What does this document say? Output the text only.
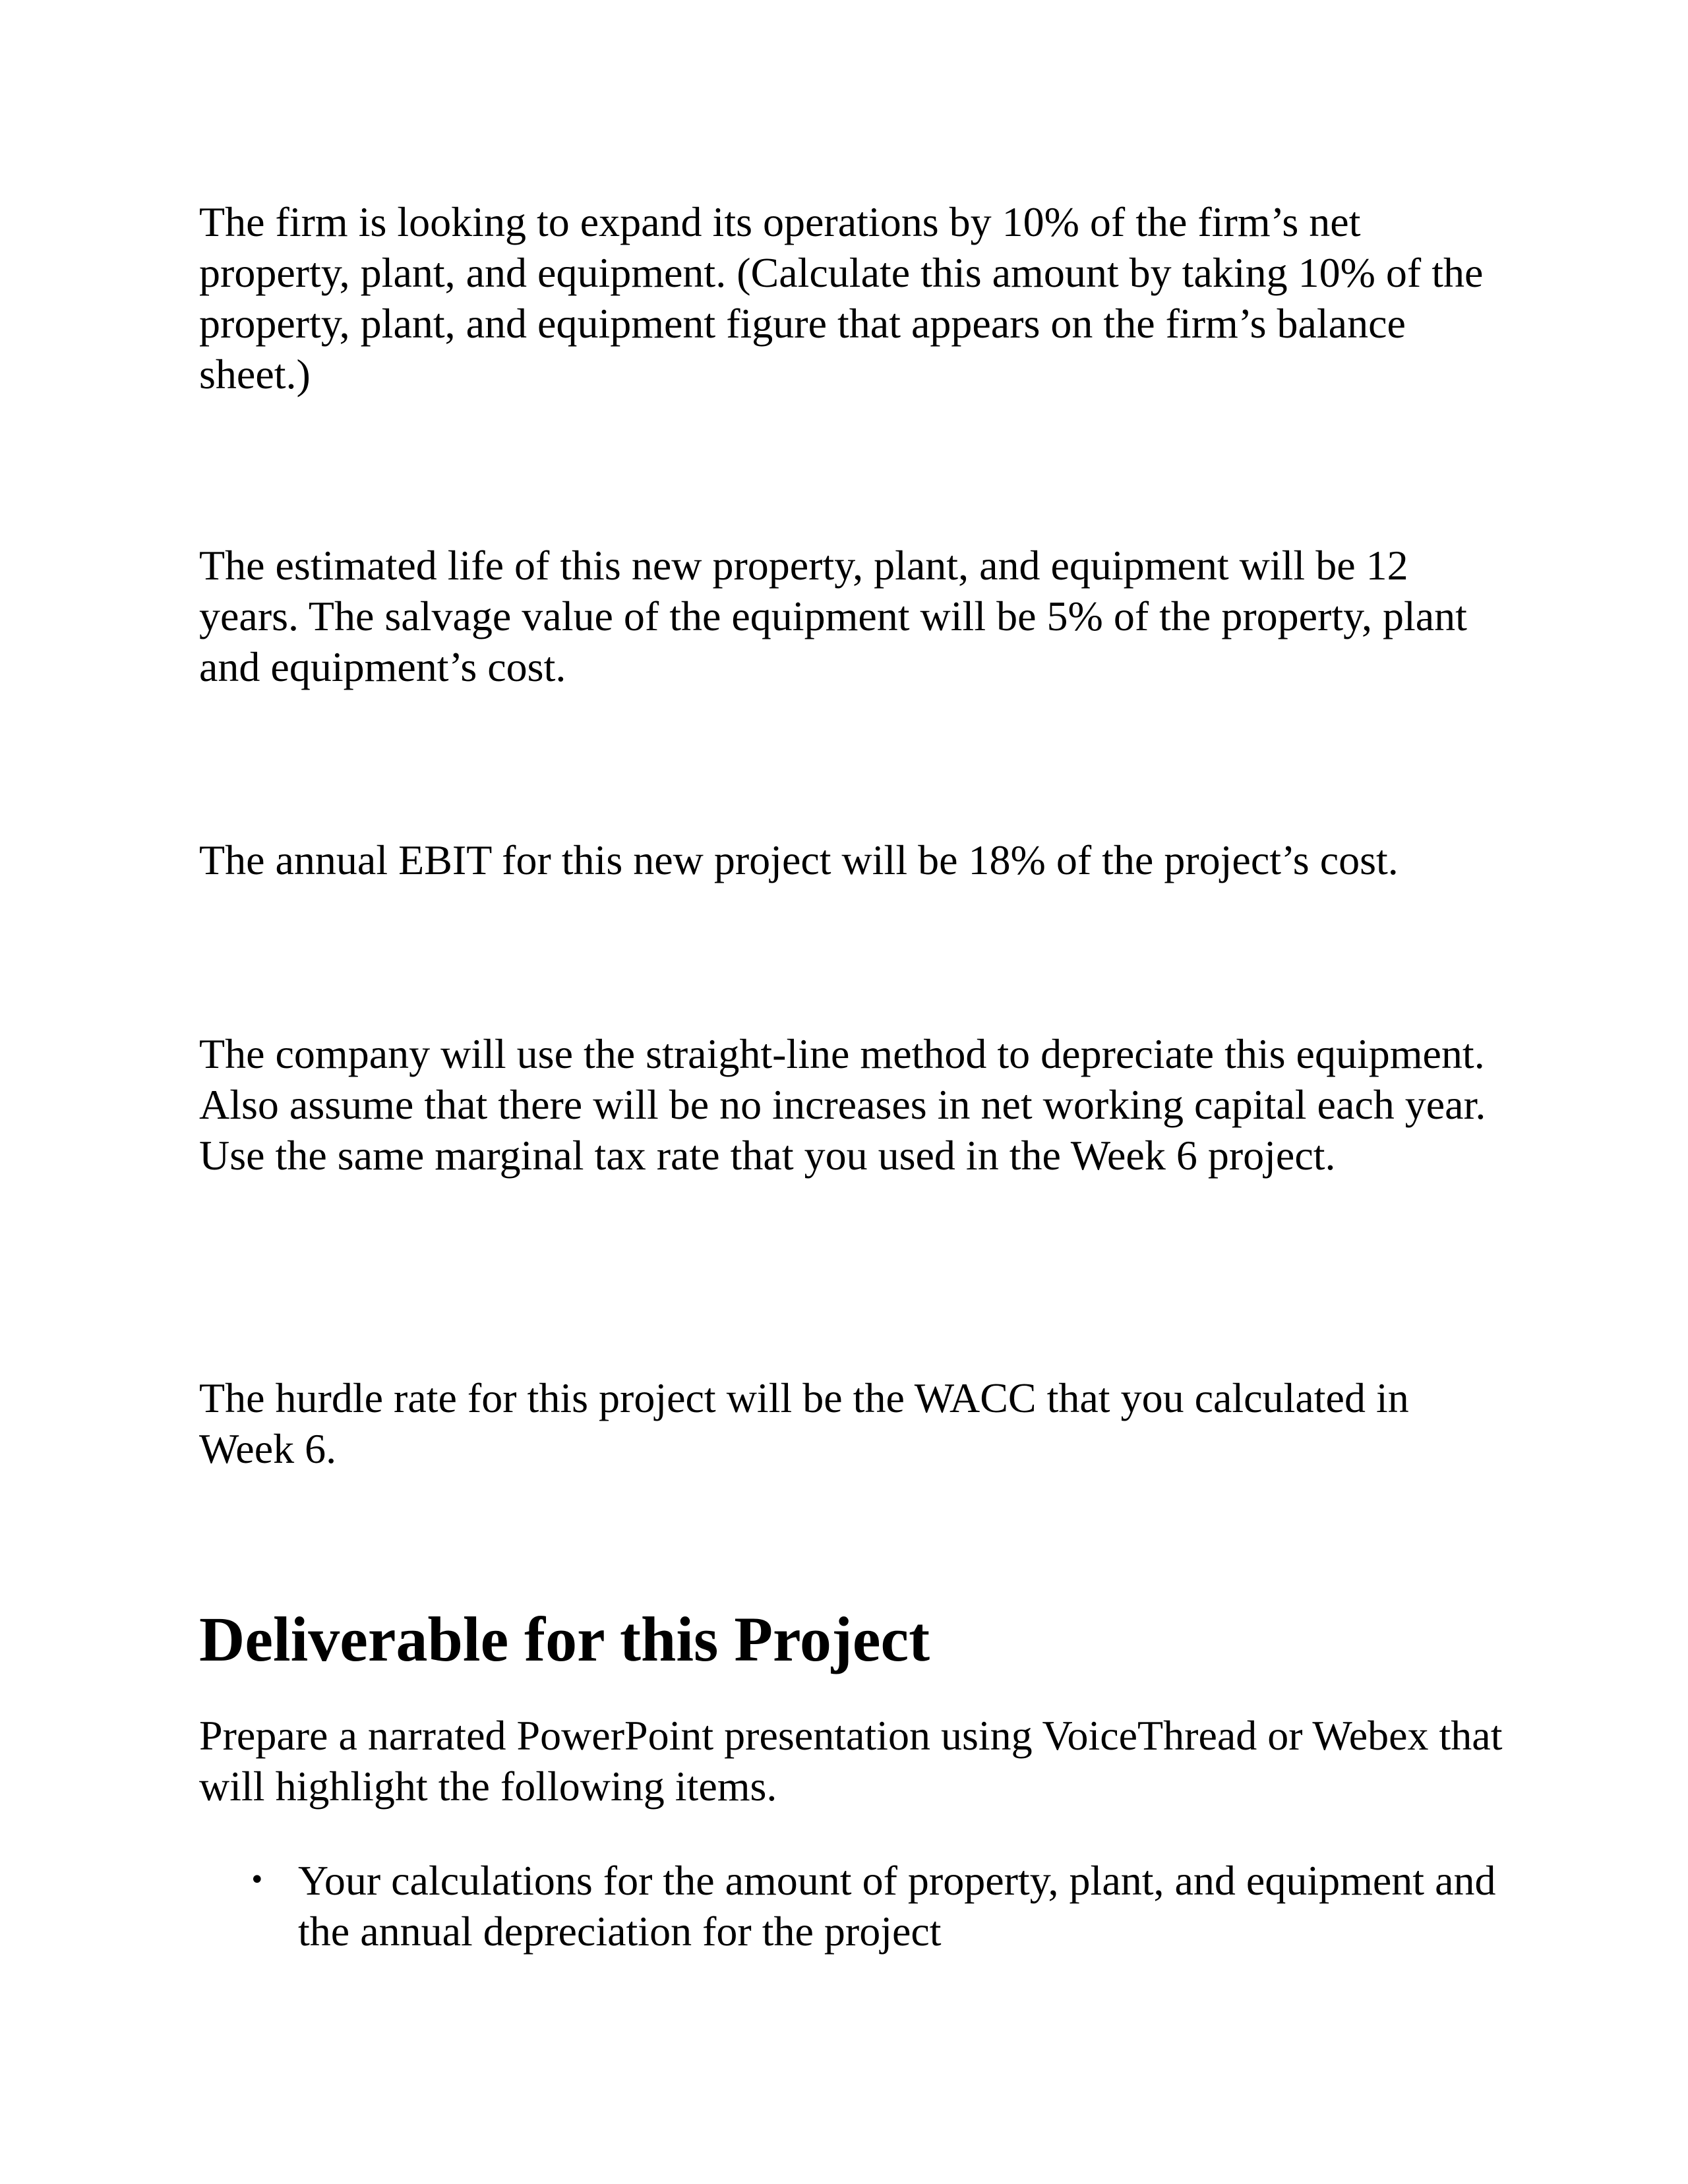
The firm is looking to expand its operations by 10% of the firm’s net property, plant, and equipment. (Calculate this amount by taking 10% of the property, plant, and equipment figure that appears on the firm’s balance sheet.)

The estimated life of this new property, plant, and equipment will be 12 years. The salvage value of the equipment will be 5% of the property, plant and equipment’s cost.

The annual EBIT for this new project will be 18% of the project’s cost.

The company will use the straight-line method to depreciate this equipment. Also assume that there will be no increases in net working capital each year. Use the same marginal tax rate that you used in the Week 6 project.

The hurdle rate for this project will be the WACC that you calculated in Week 6.

Deliverable for this Project

Prepare a narrated PowerPoint presentation using VoiceThread or Webex that will highlight the following items.

• Your calculations for the amount of property, plant, and equipment and the annual depreciation for the project
